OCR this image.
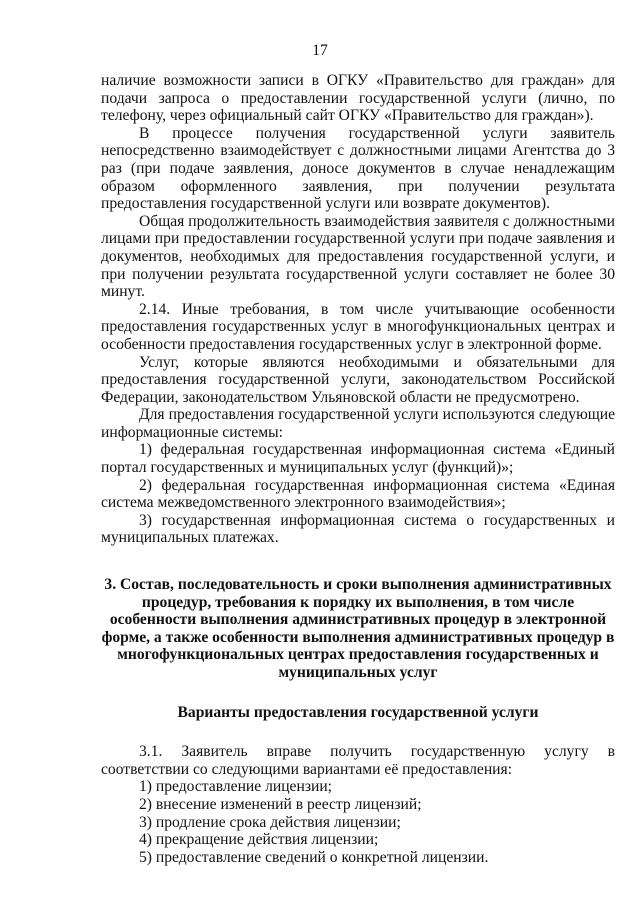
17

наличие возможности записи в ОГКУ «Правительство для граждан» для подачи запроса о предоставлении государственной услуги (лично, по телефону, через официальный сайт ОГКУ «Правительство для граждан»).

В процессе получения государственной услуги заявитель непосредственно взаимодействует с должностными лицами Агентства до 3 раз (при подаче заявления, доносе документов в случае ненадлежащим образом оформленного заявления, при получении результата предоставления государственной услуги или возврате документов).

Общая продолжительность взаимодействия заявителя с должностными лицами при предоставлении государственной услуги при подаче заявления и документов, необходимых для предоставления государственной услуги, и при получении результата государственной услуги составляет не более 30 минут.

2.14. Иные требования, в том числе учитывающие особенности предоставления государственных услуг в многофункциональных центрах и особенности предоставления государственных услуг в электронной форме.

Услуг, которые являются необходимыми и обязательными для предоставления государственной услуги, законодательством Российской Федерации, законодательством Ульяновской области не предусмотрено.

Для предоставления государственной услуги используются следующие информационные системы:

1) федеральная государственная информационная система «Единый портал государственных и муниципальных услуг (функций)»;

2) федеральная государственная информационная система «Единая система межведомственного электронного взаимодействия»;

3) государственная информационная система о государственных и муниципальных платежах.

3. Состав, последовательность и сроки выполнения административных процедур, требования к порядку их выполнения, в том числе особенности выполнения административных процедур в электронной форме, а также особенности выполнения административных процедур в многофункциональных центрах предоставления государственных и муниципальных услуг

Варианты предоставления государственной услуги

3.1. Заявитель вправе получить государственную услугу в соответствии со следующими вариантами её предоставления:

1) предоставление лицензии;
2) внесение изменений в реестр лицензий;
3) продление срока действия лицензии;
4) прекращение действия лицензии;
5) предоставление сведений о конкретной лицензии.
